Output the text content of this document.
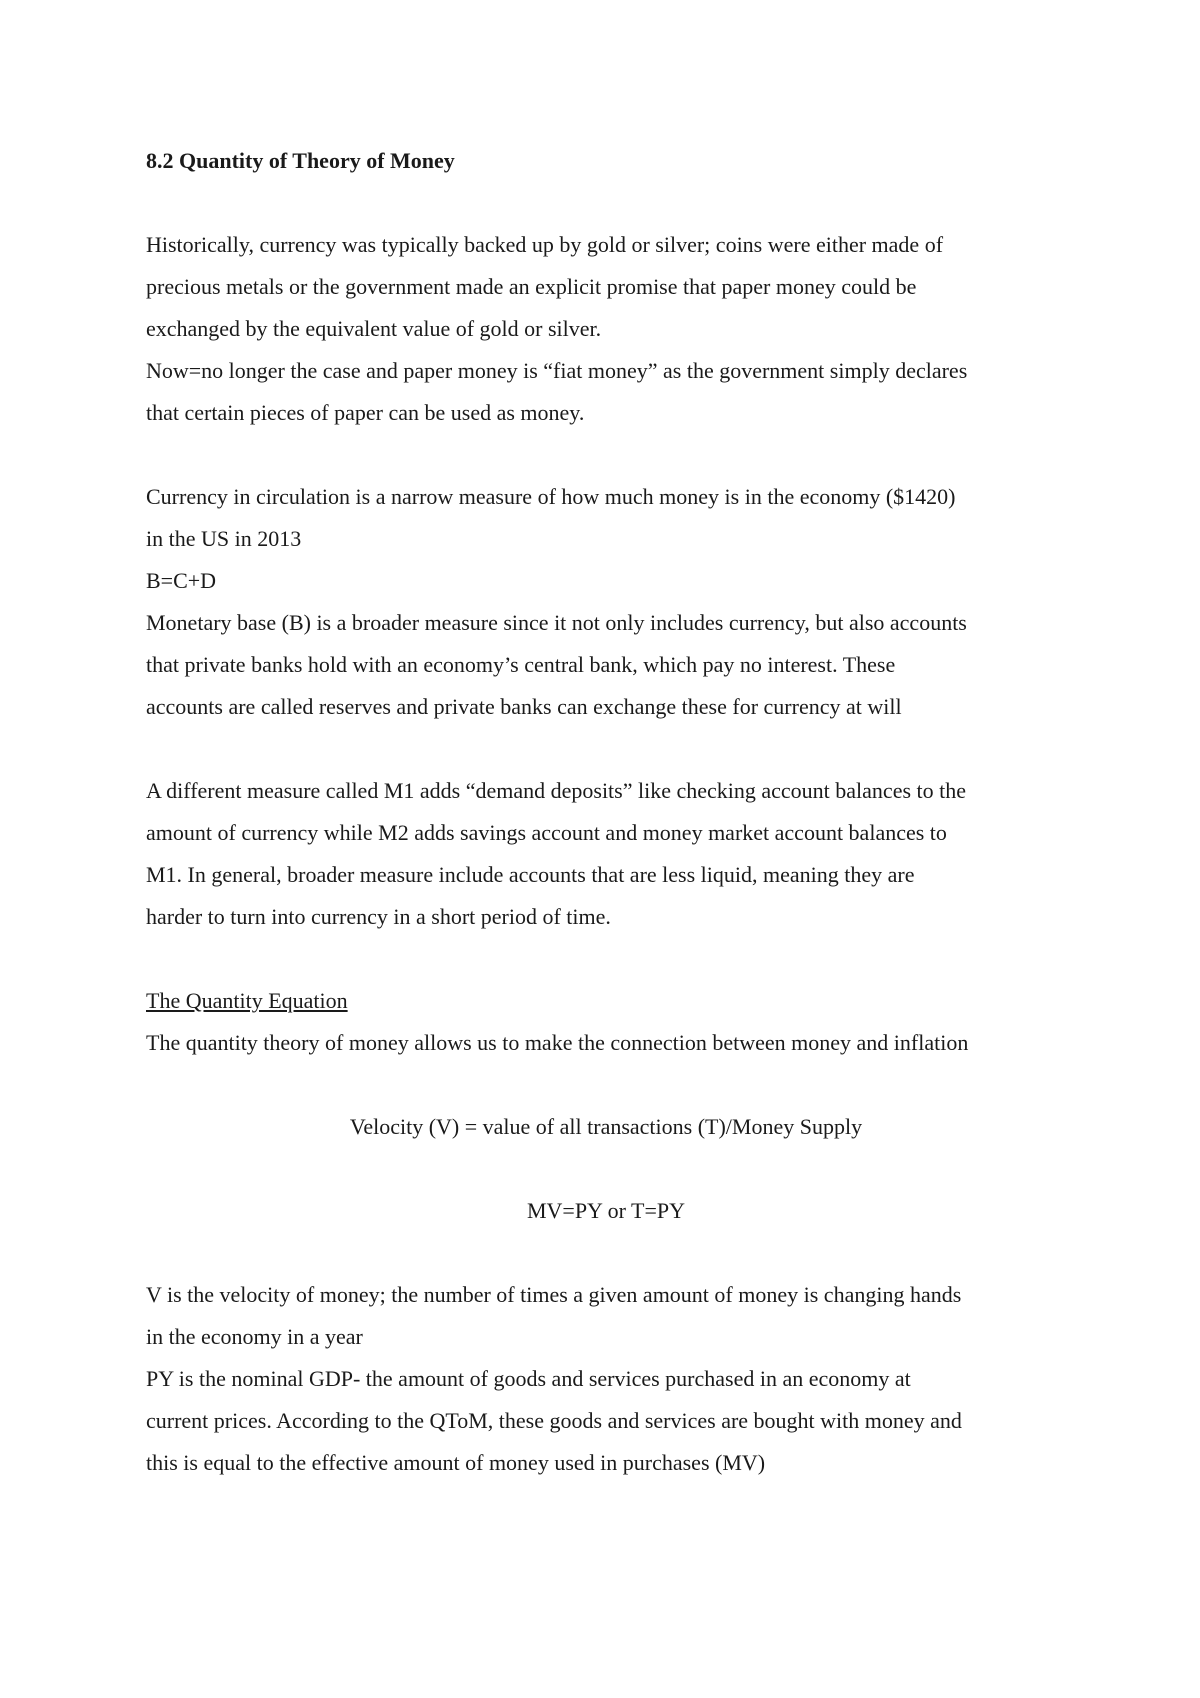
8.2 Quantity of Theory of Money
Historically, currency was typically backed up by gold or silver; coins were either made of
precious metals or the government made an explicit promise that paper money could be
exchanged by the equivalent value of gold or silver.
Now=no longer the case and paper money is “fiat money” as the government simply declares
that certain pieces of paper can be used as money.
Currency in circulation is a narrow measure of how much money is in the economy ($1420)
in the US in 2013
B=C+D
Monetary base (B) is a broader measure since it not only includes currency, but also accounts
that private banks hold with an economy’s central bank, which pay no interest. These
accounts are called reserves and private banks can exchange these for currency at will
A different measure called M1 adds “demand deposits” like checking account balances to the
amount of currency while M2 adds savings account and money market account balances to
M1. In general, broader measure include accounts that are less liquid, meaning they are
harder to turn into currency in a short period of time.
The Quantity Equation
The quantity theory of money allows us to make the connection between money and inflation
Velocity (V) = value of all transactions (T)/Money Supply
MV=PY or T=PY
V is the velocity of money; the number of times a given amount of money is changing hands
in the economy in a year
PY is the nominal GDP- the amount of goods and services purchased in an economy at
current prices. According to the QToM, these goods and services are bought with money and
this is equal to the effective amount of money used in purchases (MV)
